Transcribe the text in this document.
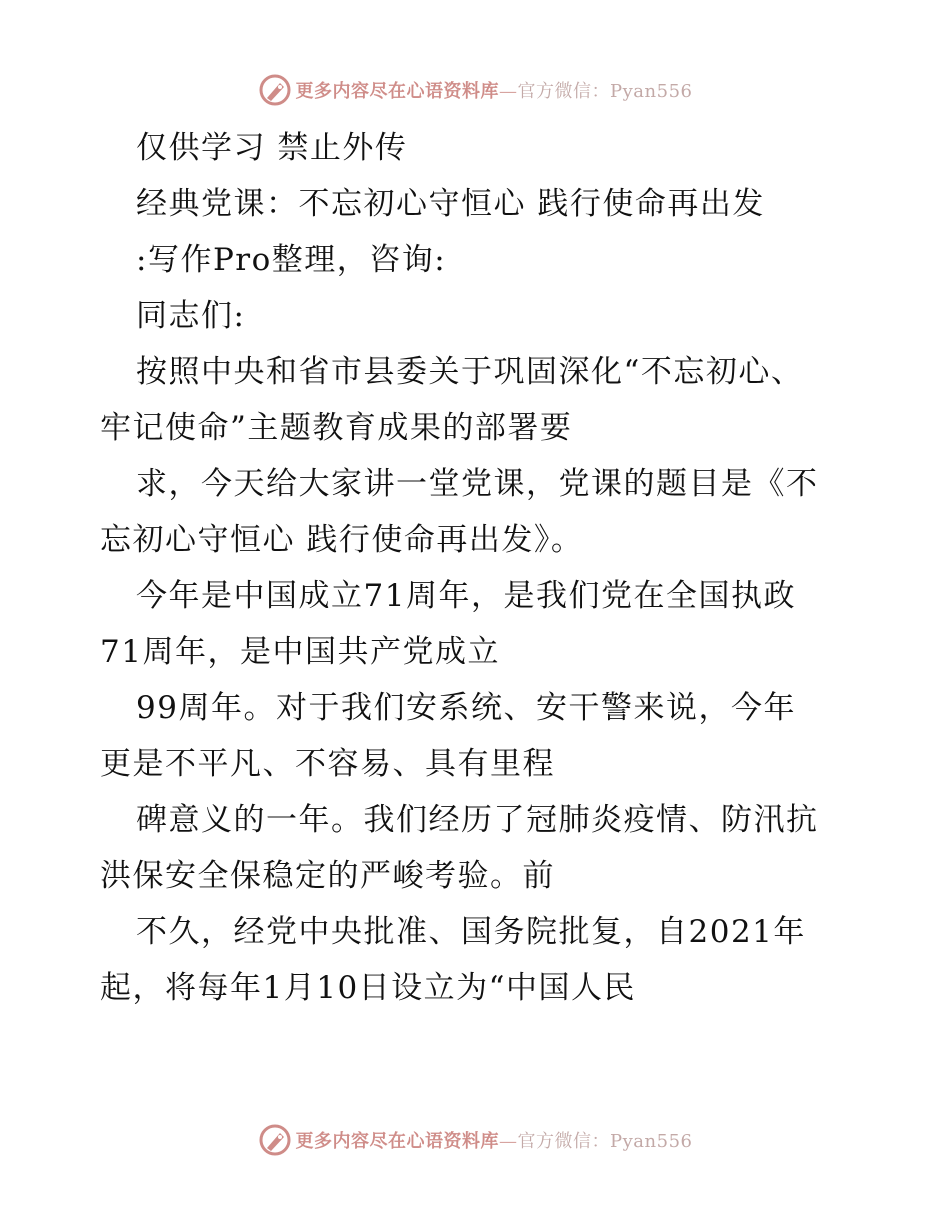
更多内容尽在心语资料库—官方微信：Pyan556
仅供学习 禁止外传
经典党课：不忘初心守恒心 践行使命再出发
:写作Pro整理，咨询:
同志们:
按照中央和省市县委关于巩固深化“不忘初心、
牢记使命”主题教育成果的部署要
求，今天给大家讲一堂党课，党课的题目是《不
忘初心守恒心 践行使命再出发》。
今年是中国成立71周年，是我们党在全国执政
71周年，是中国共产党成立
99周年。对于我们安系统、安干警来说，今年
更是不平凡、不容易、具有里程
碑意义的一年。我们经历了冠肺炎疫情、防汛抗
洪保安全保稳定的严峻考验。前
不久，经党中央批准、国务院批复，自2021年
起，将每年1月10日设立为“中国人民
更多内容尽在心语资料库—官方微信：Pyan556
